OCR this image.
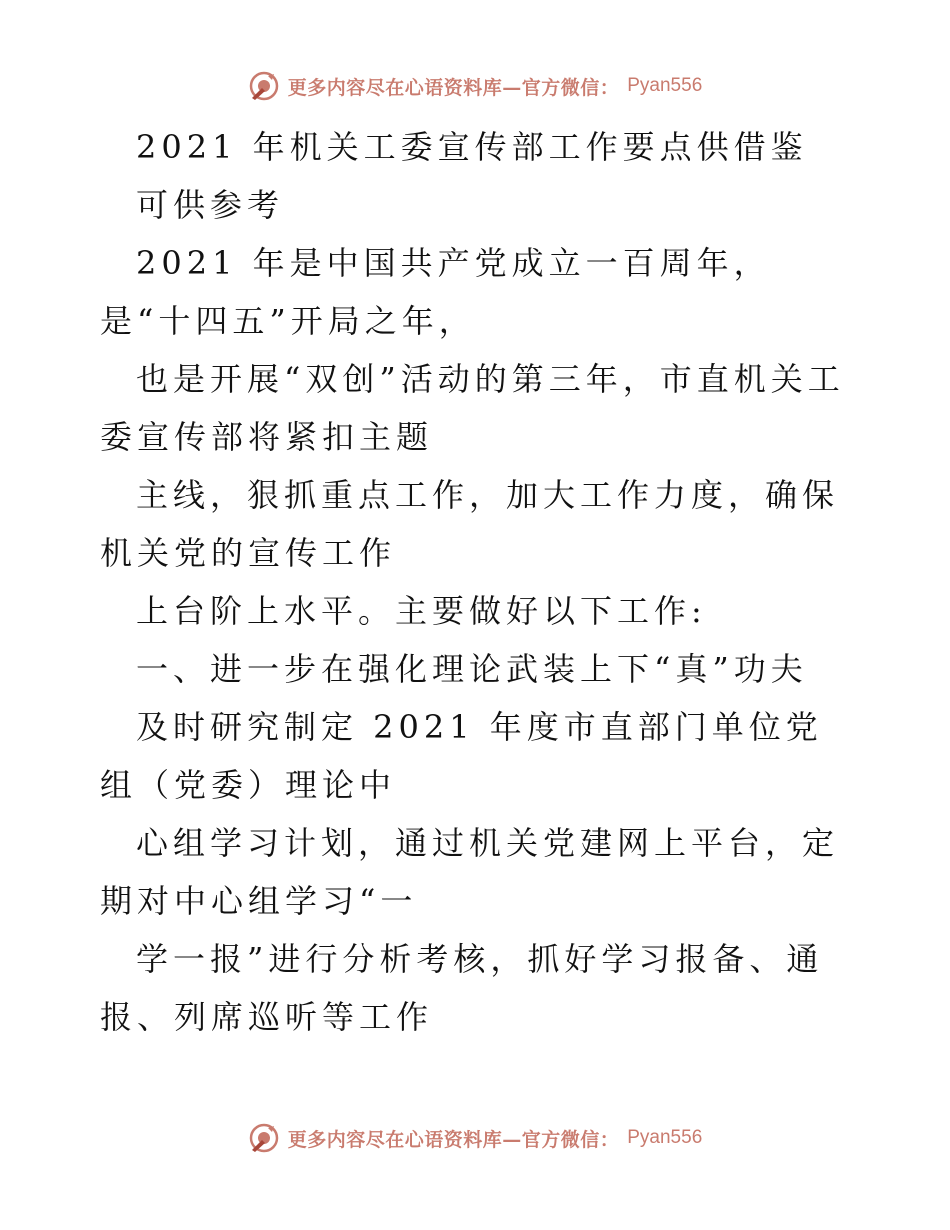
更多内容尽在心语资料库—官方微信： Pyan556

2021 年机关工委宣传部工作要点供借鉴

可供参考

2021 年是中国共产党成立一百周年，是“十四五”开局之年，

也是开展“双创”活动的第三年，市直机关工委宣传部将紧扣主题

主线，狠抓重点工作，加大工作力度，确保机关党的宣传工作

上台阶上水平。主要做好以下工作:

一、进一步在强化理论武装上下“真”功夫

及时研究制定 2021 年度市直部门单位党组（党委）理论中

心组学习计划，通过机关党建网上平台，定期对中心组学习“一

学一报”进行分析考核，抓好学习报备、通报、列席巡听等工作

更多内容尽在心语资料库—官方微信： Pyan556
